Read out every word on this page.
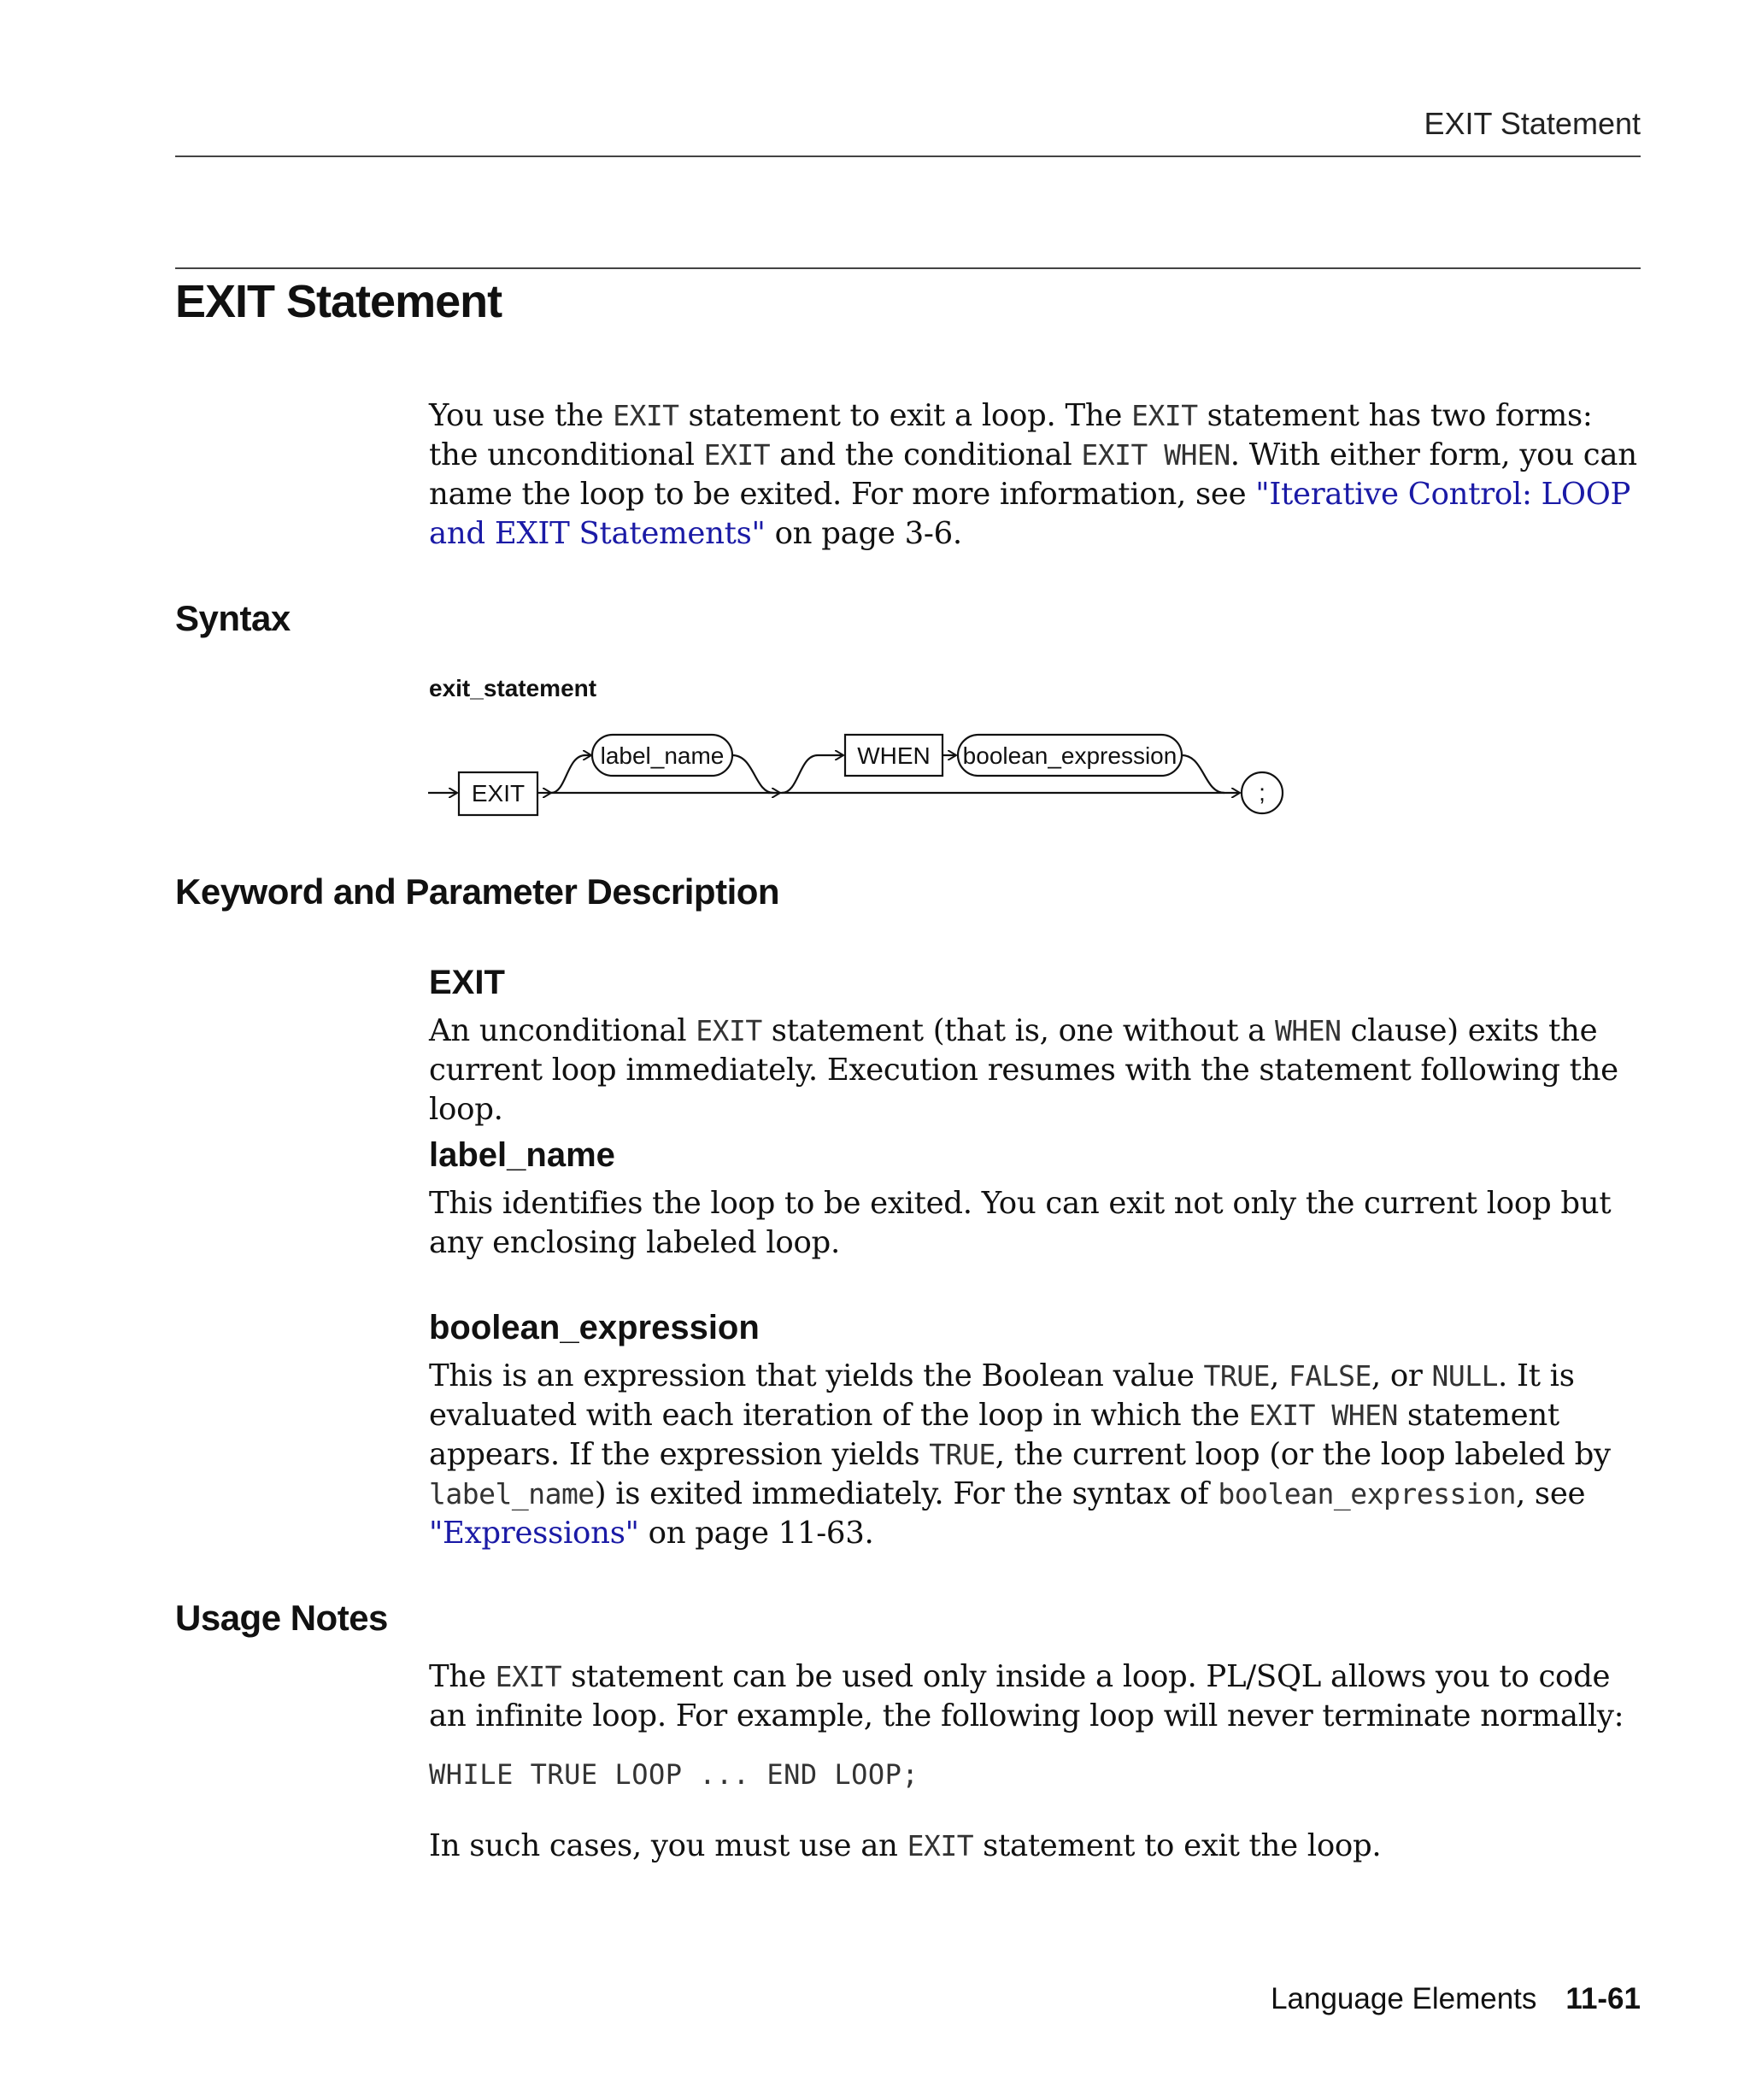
EXIT Statement
EXIT Statement

You use the EXIT statement to exit a loop. The EXIT statement has two forms: the unconditional EXIT and the conditional EXIT WHEN. With either form, you can name the loop to be exited. For more information, see "Iterative Control: LOOP and EXIT Statements" on page 3-6.

Syntax
exit_statement
EXIT
label_name	WHEN boolean_expression
;
Keyword and Parameter Description
EXIT

An unconditional EXIT statement (that is, one without a WHEN clause) exits the current loop immediately. Execution resumes with the statement following the loop.

label_name

This identifies the loop to be exited. You can exit not only the current loop but any enclosing labeled loop.

boolean_expression

This is an expression that yields the Boolean value TRUE, FALSE, or NULL. It is evaluated with each iteration of the loop in which the EXIT WHEN statement appears. If the expression yields TRUE, the current loop (or the loop labeled by label_name) is exited immediately. For the syntax of boolean_expression, see "Expressions" on page 11-63.

Usage Notes

The EXIT statement can be used only inside a loop. PL/SQL allows you to code an infinite loop. For example, the following loop will never terminate normally:

WHILE TRUE LOOP ... END LOOP;

In such cases, you must use an EXIT statement to exit the loop.

Language Elements 11-61
